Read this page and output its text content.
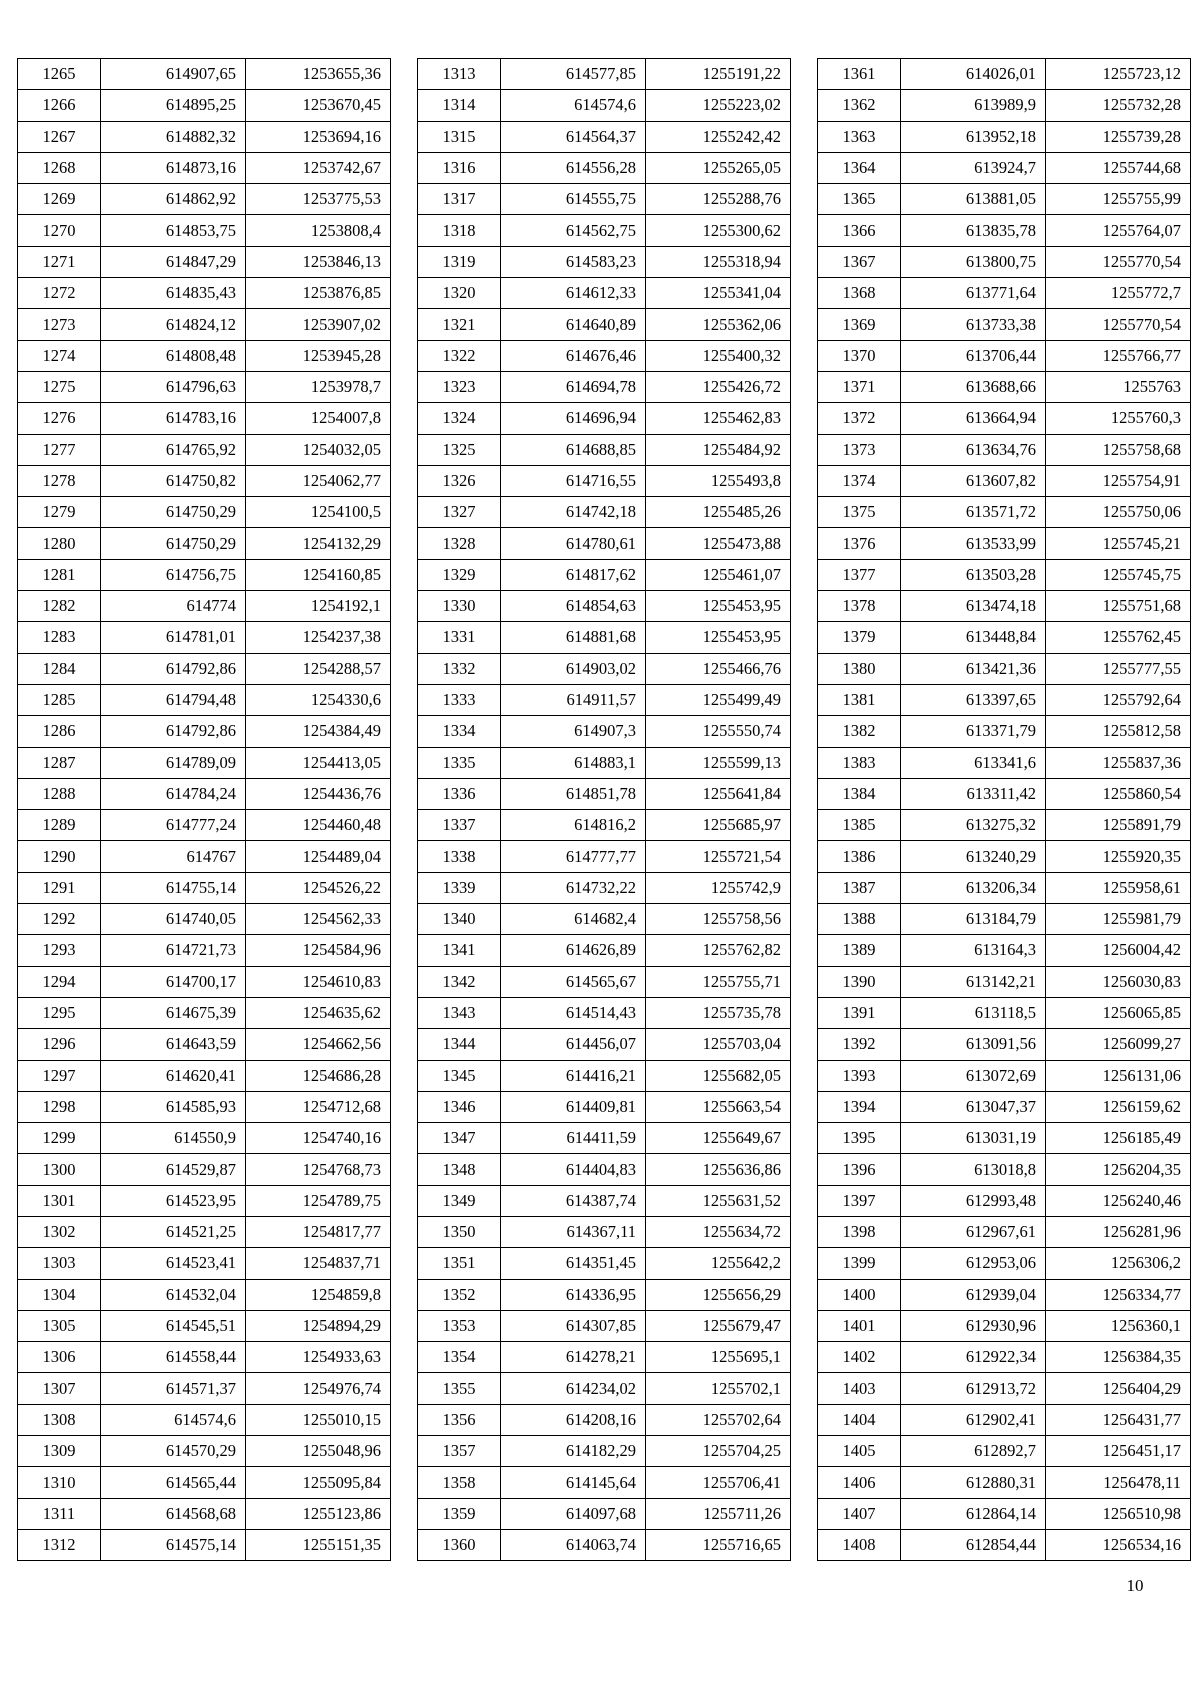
1265	614907,65	1253655,36
1266	614895,25	1253670,45
1267	614882,32	1253694,16
1268	614873,16	1253742,67
1269	614862,92	1253775,53
1270	614853,75	1253808,4
1271	614847,29	1253846,13
1272	614835,43	1253876,85
1273	614824,12	1253907,02
1274	614808,48	1253945,28
1275	614796,63	1253978,7
1276	614783,16	1254007,8
1277	614765,92	1254032,05
1278	614750,82	1254062,77
1279	614750,29	1254100,5
1280	614750,29	1254132,29
1281	614756,75	1254160,85
1282	614774	1254192,1
1283	614781,01	1254237,38
1284	614792,86	1254288,57
1285	614794,48	1254330,6
1286	614792,86	1254384,49
1287	614789,09	1254413,05
1288	614784,24	1254436,76
1289	614777,24	1254460,48
1290	614767	1254489,04
1291	614755,14	1254526,22
1292	614740,05	1254562,33
1293	614721,73	1254584,96
1294	614700,17	1254610,83
1295	614675,39	1254635,62
1296	614643,59	1254662,56
1297	614620,41	1254686,28
1298	614585,93	1254712,68
1299	614550,9	1254740,16
1300	614529,87	1254768,73
1301	614523,95	1254789,75
1302	614521,25	1254817,77
1303	614523,41	1254837,71
1304	614532,04	1254859,8
1305	614545,51	1254894,29
1306	614558,44	1254933,63
1307	614571,37	1254976,74
1308	614574,6	1255010,15
1309	614570,29	1255048,96
1310	614565,44	1255095,84
1311	614568,68	1255123,86
1312	614575,14	1255151,35
1313	614577,85	1255191,22
1314	614574,6	1255223,02
1315	614564,37	1255242,42
1316	614556,28	1255265,05
1317	614555,75	1255288,76
1318	614562,75	1255300,62
1319	614583,23	1255318,94
1320	614612,33	1255341,04
1321	614640,89	1255362,06
1322	614676,46	1255400,32
1323	614694,78	1255426,72
1324	614696,94	1255462,83
1325	614688,85	1255484,92
1326	614716,55	1255493,8
1327	614742,18	1255485,26
1328	614780,61	1255473,88
1329	614817,62	1255461,07
1330	614854,63	1255453,95
1331	614881,68	1255453,95
1332	614903,02	1255466,76
1333	614911,57	1255499,49
1334	614907,3	1255550,74
1335	614883,1	1255599,13
1336	614851,78	1255641,84
1337	614816,2	1255685,97
1338	614777,77	1255721,54
1339	614732,22	1255742,9
1340	614682,4	1255758,56
1341	614626,89	1255762,82
1342	614565,67	1255755,71
1343	614514,43	1255735,78
1344	614456,07	1255703,04
1345	614416,21	1255682,05
1346	614409,81	1255663,54
1347	614411,59	1255649,67
1348	614404,83	1255636,86
1349	614387,74	1255631,52
1350	614367,11	1255634,72
1351	614351,45	1255642,2
1352	614336,95	1255656,29
1353	614307,85	1255679,47
1354	614278,21	1255695,1
1355	614234,02	1255702,1
1356	614208,16	1255702,64
1357	614182,29	1255704,25
1358	614145,64	1255706,41
1359	614097,68	1255711,26
1360	614063,74	1255716,65
1361	614026,01	1255723,12
1362	613989,9	1255732,28
1363	613952,18	1255739,28
1364	613924,7	1255744,68
1365	613881,05	1255755,99
1366	613835,78	1255764,07
1367	613800,75	1255770,54
1368	613771,64	1255772,7
1369	613733,38	1255770,54
1370	613706,44	1255766,77
1371	613688,66	1255763
1372	613664,94	1255760,3
1373	613634,76	1255758,68
1374	613607,82	1255754,91
1375	613571,72	1255750,06
1376	613533,99	1255745,21
1377	613503,28	1255745,75
1378	613474,18	1255751,68
1379	613448,84	1255762,45
1380	613421,36	1255777,55
1381	613397,65	1255792,64
1382	613371,79	1255812,58
1383	613341,6	1255837,36
1384	613311,42	1255860,54
1385	613275,32	1255891,79
1386	613240,29	1255920,35
1387	613206,34	1255958,61
1388	613184,79	1255981,79
1389	613164,3	1256004,42
1390	613142,21	1256030,83
1391	613118,5	1256065,85
1392	613091,56	1256099,27
1393	613072,69	1256131,06
1394	613047,37	1256159,62
1395	613031,19	1256185,49
1396	613018,8	1256204,35
1397	612993,48	1256240,46
1398	612967,61	1256281,96
1399	612953,06	1256306,2
1400	612939,04	1256334,77
1401	612930,96	1256360,1
1402	612922,34	1256384,35
1403	612913,72	1256404,29
1404	612902,41	1256431,77
1405	612892,7	1256451,17
1406	612880,31	1256478,11
1407	612864,14	1256510,98
1408	612854,44	1256534,16
10
